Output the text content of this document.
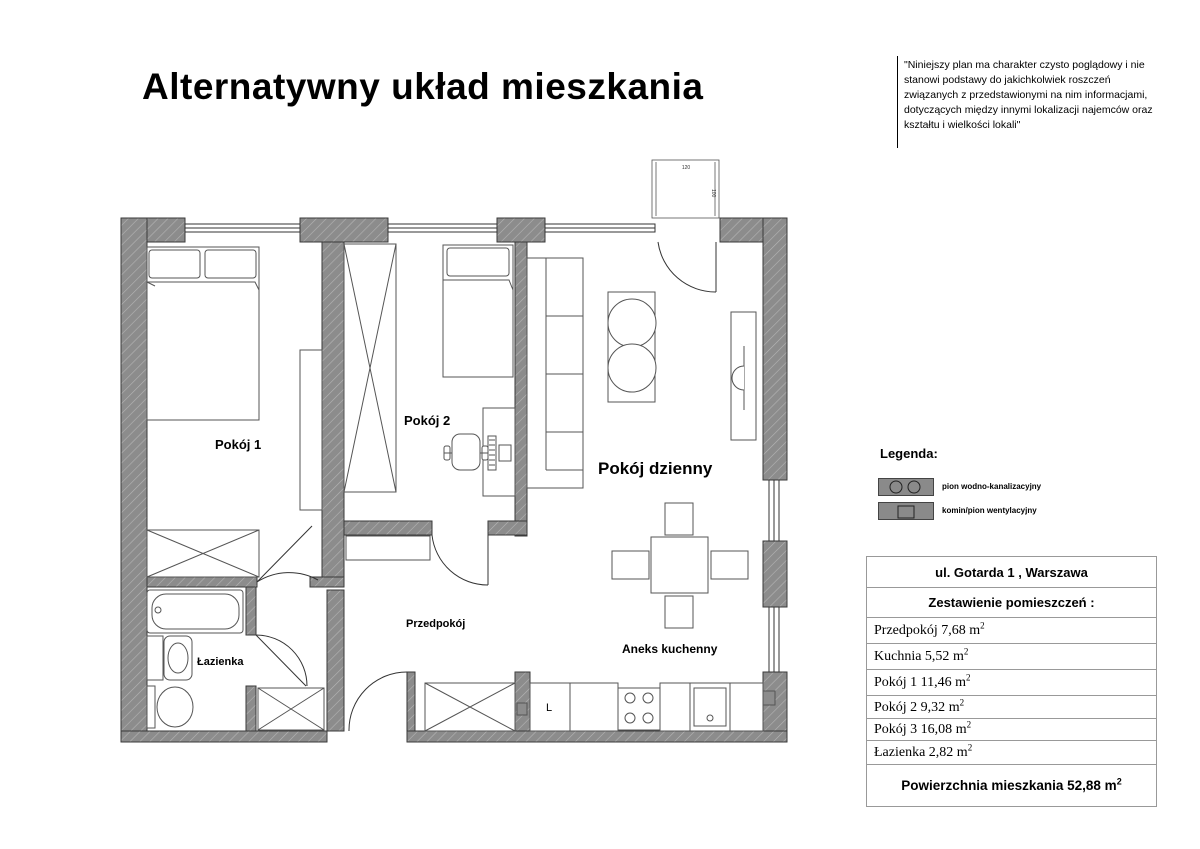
Alternatywny układ mieszkania
"Niniejszy plan ma charakter czysto poglądowy i nie stanowi podstawy do jakichkolwiek roszczeń związanych z przedstawionymi na nim informacjami, dotyczących między innymi lokalizacji najemców oraz kształtu i wielkości lokali"
120
100
L
Pokój 1
Pokój 2
Pokój dzienny
Przedpokój
Łazienka
Aneks kuchenny
Legenda:
pion wodno-kanalizacyjny
komin/pion wentylacyjny
ul. Gotarda 1 , Warszawa
Zestawienie pomieszczeń :
Przedpokój 7,68 $m^2$
Kuchnia 5,52 $m^2$
Pokój 1 11,46 $m^2$
Pokój 2 9,32 $m^2$
Pokój 3 16,08 $m^2$
Łazienka 2,82 $m^2$
Powierzchnia mieszkania 52,88 $m^2$
